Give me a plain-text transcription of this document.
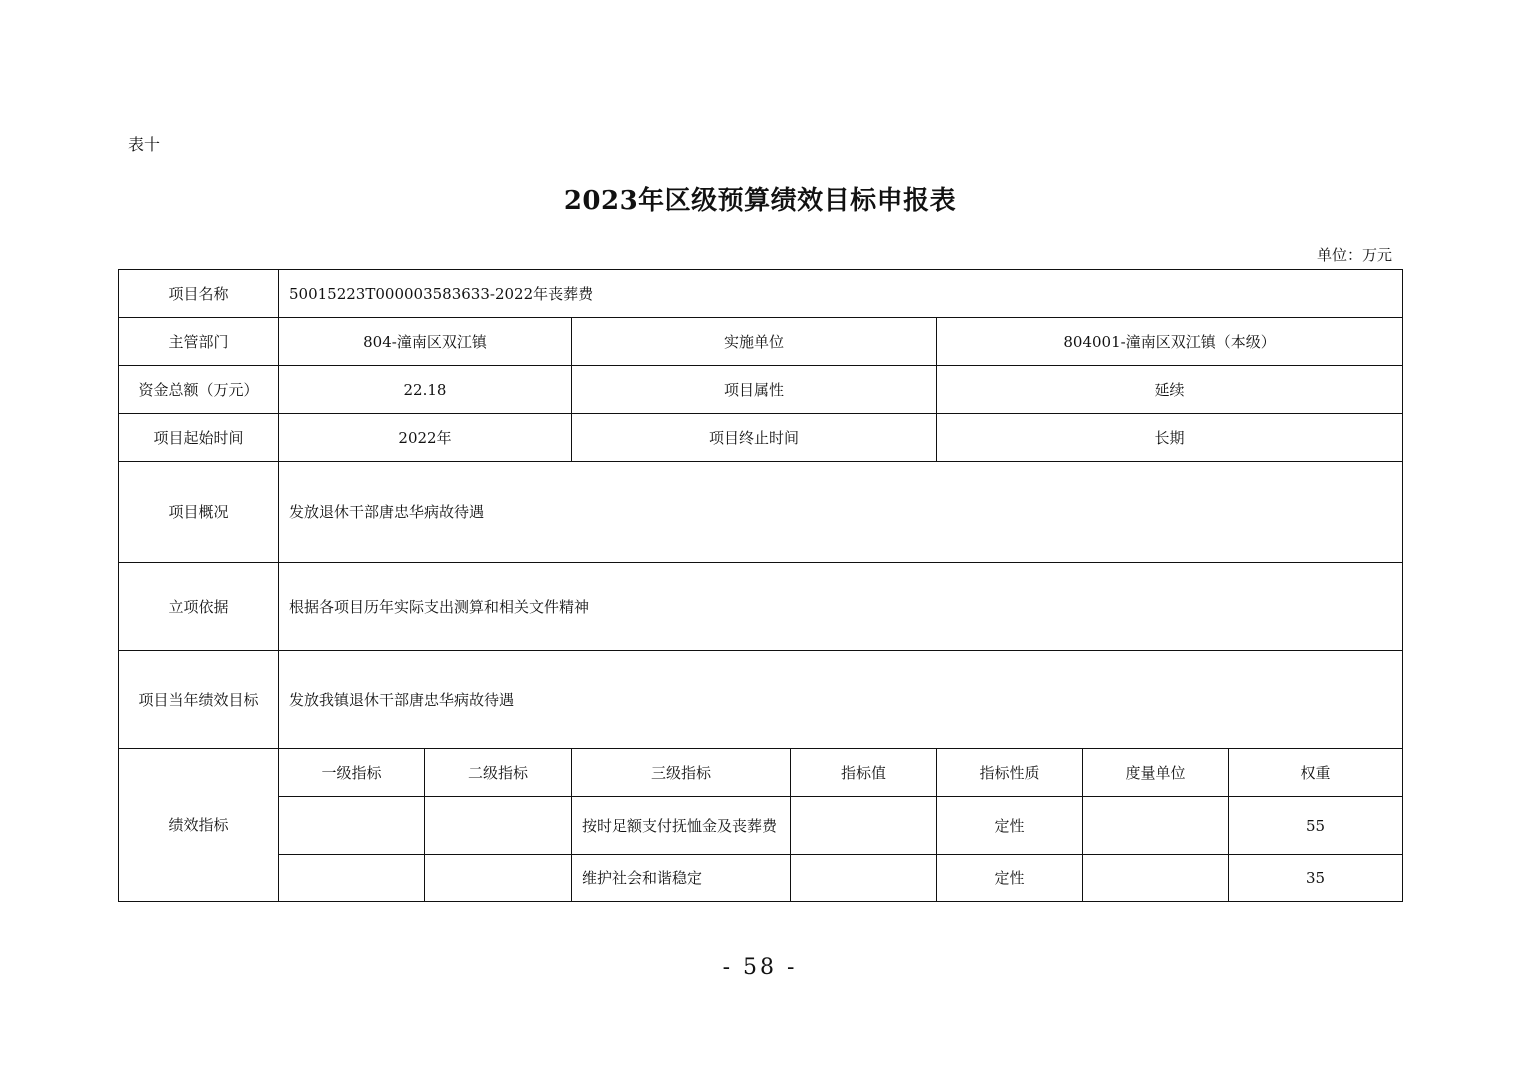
表十
2023年区级预算绩效目标申报表
单位：万元
项目名称	50015223T000003583633-2022年丧葬费						
主管部门	804-潼南区双江镇		实施单位		804001-潼南区双江镇（本级）		
资金总额（万元）	22.18		项目属性		延续		
项目起始时间	2022年		项目终止时间		长期		
项目概况	发放退休干部唐忠华病故待遇						
立项依据	根据各项目历年实际支出测算和相关文件精神						
项目当年绩效目标	发放我镇退休干部唐忠华病故待遇						
绩效指标	一级指标	二级指标	三级指标	指标值	指标性质	度量单位	权重
			按时足额支付抚恤金及丧葬费		定性		55
			维护社会和谐稳定		定性		35
- 58 -
